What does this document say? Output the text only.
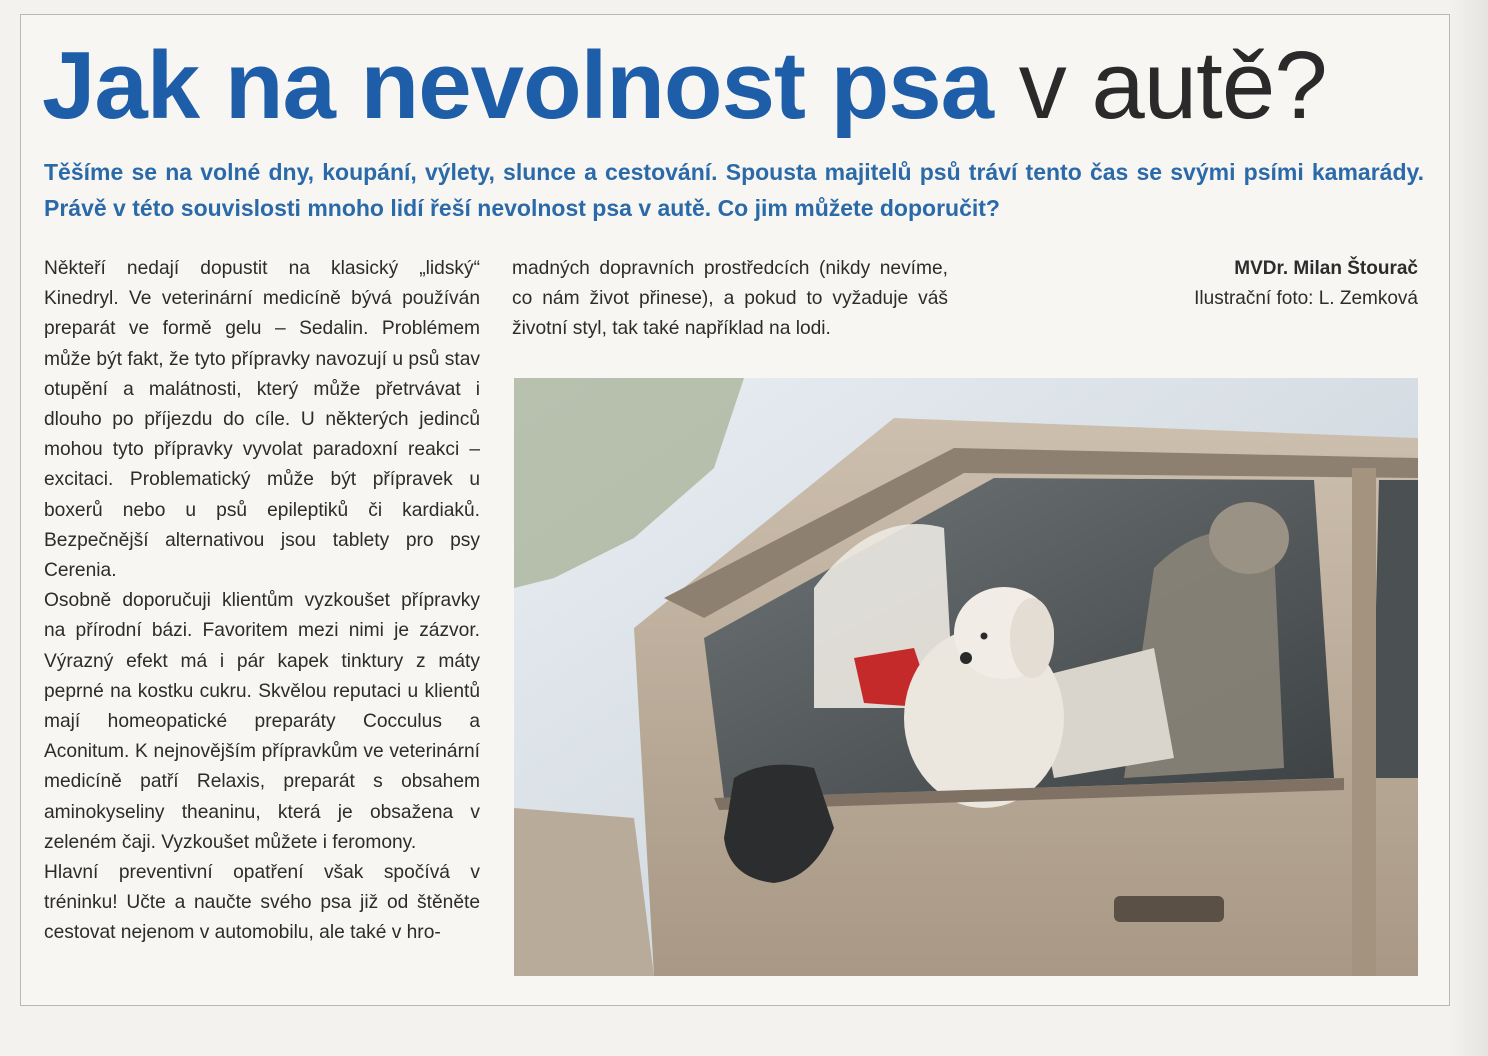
Jak na nevolnost psa v autě?

Těšíme se na volné dny, koupání, výlety, slunce a cestování. Spousta majitelů psů tráví tento čas se svými psími kamarády. Právě v této souvislosti mnoho lidí řeší nevolnost psa v autě. Co jim můžete doporučit?

Někteří nedají dopustit na klasický „lidský“ Kinedryl. Ve veterinární medicíně bývá používán preparát ve formě gelu – Sedalin. Problémem může být fakt, že tyto přípravky navozují u psů stav otupění a malátnosti, který může přetrvávat i dlouho po příjezdu do cíle. U některých jedinců mohou tyto přípravky vyvolat paradoxní reakci – excitaci. Problematický může být přípravek u boxerů nebo u psů epileptiků či kardiaků. Bezpečnější alternativou jsou tablety pro psy Cerenia.

Osobně doporučuji klientům vyzkoušet přípravky na přírodní bázi. Favoritem mezi nimi je zázvor. Výrazný efekt má i pár kapek tinktury z máty peprné na kostku cukru. Skvělou reputaci u klientů mají homeopatické preparáty Cocculus a Aconitum. K nejnovějším přípravkům ve veterinární medicíně patří Relaxis, preparát s obsahem aminokyseliny theaninu, která je obsažena v zeleném čaji. Vyzkoušet můžete i feromony.

Hlavní preventivní opatření však spočívá v tréninku! Učte a naučte svého psa již od štěněte cestovat nejenom v automobilu, ale také v hro-

madných dopravních prostředcích (nikdy nevíme, co nám život přinese), a pokud to vyžaduje váš životní styl, tak také například na lodi.

MVDr. Milan Štourač
Ilustrační foto: L. Zemková
